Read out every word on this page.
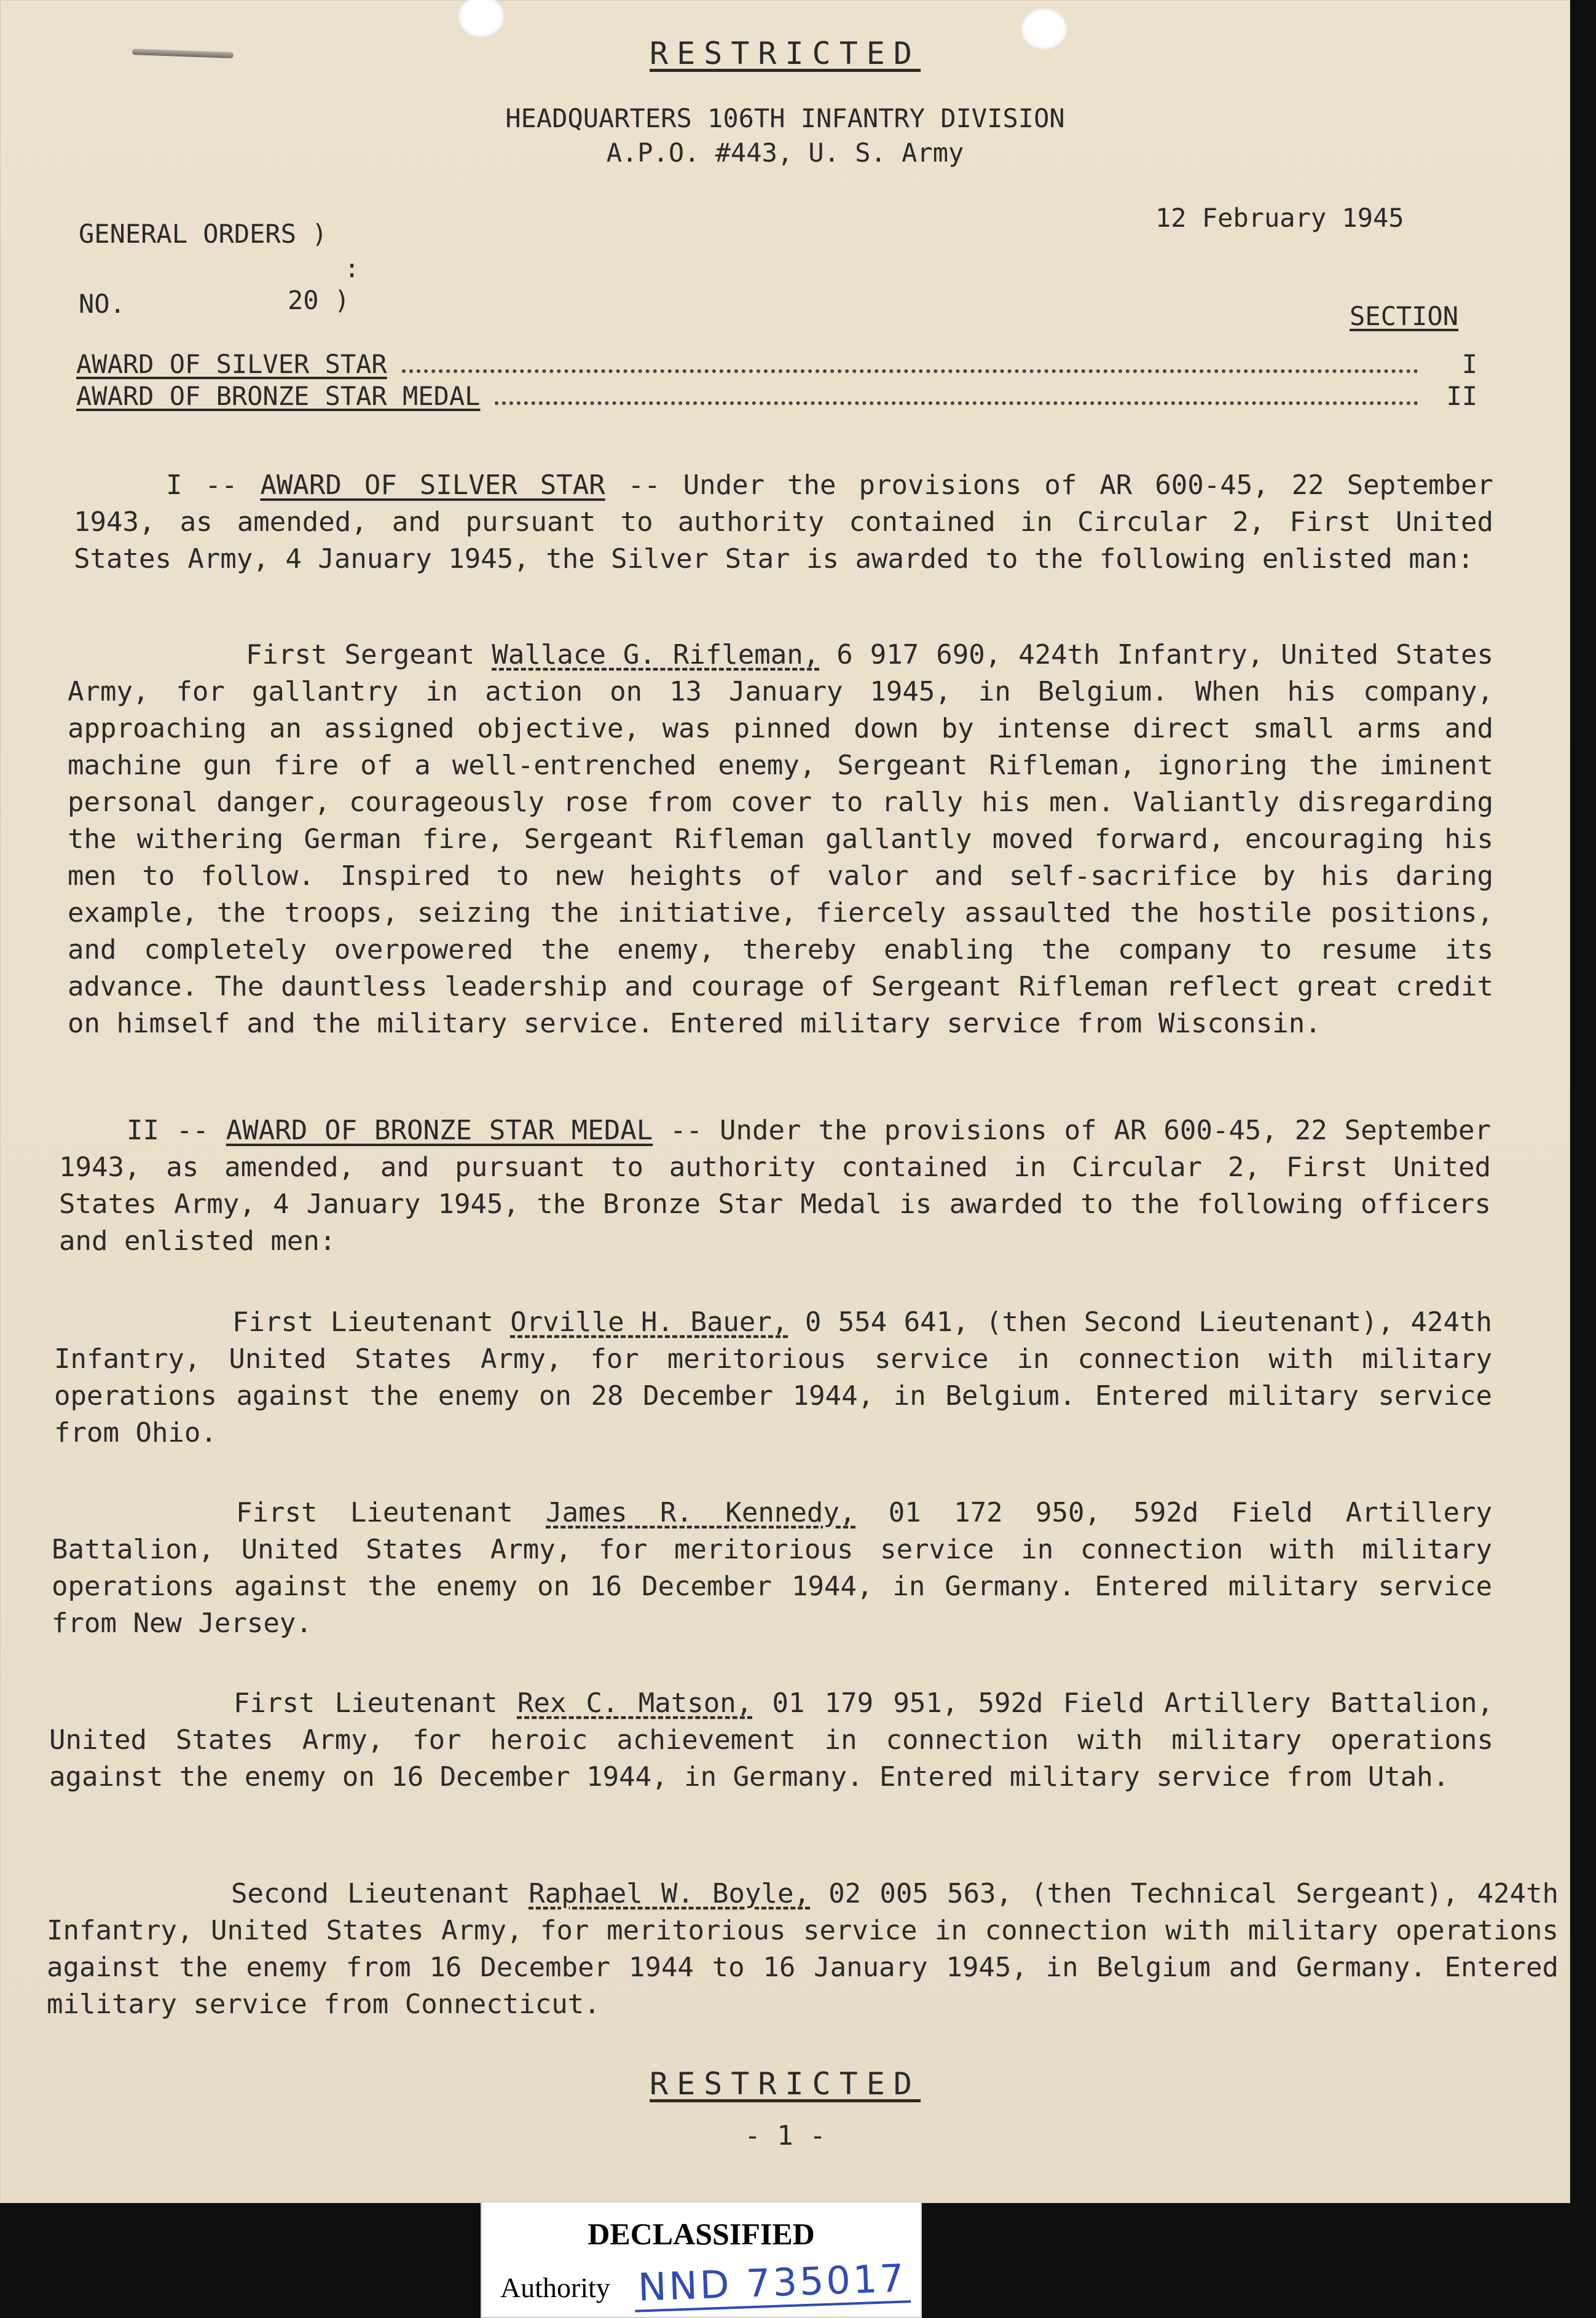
RESTRICTED
HEADQUARTERS 106TH INFANTRY DIVISION
A.P.O. #443, U. S. Army
GENERAL ORDERS )
:
NO.	20 )
12 February 1945
SECTION
AWARD OF SILVER STAR	I
AWARD OF BRONZE STAR MEDAL	II
I -- AWARD OF SILVER STAR -- Under the provisions of AR 600-45, 22 September 1943, as amended, and pursuant to authority contained in Circular 2, First United States Army, 4 January 1945, the Silver Star is awarded to the following enlisted man:
First Sergeant Wallace G. Rifleman, 6 917 690, 424th Infantry, United States Army, for gallantry in action on 13 January 1945, in Belgium. When his company, approaching an assigned objective, was pinned down by intense direct small arms and machine gun fire of a well-entrenched enemy, Sergeant Rifleman, ignoring the iminent personal danger, courageously rose from cover to rally his men. Valiantly disregarding the withering German fire, Sergeant Rifleman gallantly moved forward, encouraging his men to follow. Inspired to new heights of valor and self-sacrifice by his daring example, the troops, seizing the initiative, fiercely assaulted the hostile positions, and completely overpowered the enemy, thereby enabling the company to resume its advance. The dauntless leadership and courage of Sergeant Rifleman reflect great credit on himself and the military service. Entered military service from Wisconsin.
II -- AWARD OF BRONZE STAR MEDAL -- Under the provisions of AR 600-45, 22 September 1943, as amended, and pursuant to authority contained in Circular 2, First United States Army, 4 January 1945, the Bronze Star Medal is awarded to the following officers and enlisted men:
First Lieutenant Orville H. Bauer, 0 554 641, (then Second Lieutenant), 424th Infantry, United States Army, for meritorious service in connection with military operations against the enemy on 28 December 1944, in Belgium. Entered military service from Ohio.
First Lieutenant James R. Kennedy, 01 172 950, 592d Field Artillery Battalion, United States Army, for meritorious service in connection with military operations against the enemy on 16 December 1944, in Germany. Entered military service from New Jersey.
First Lieutenant Rex C. Matson, 01 179 951, 592d Field Artillery Battalion, United States Army, for heroic achievement in connection with military operations against the enemy on 16 December 1944, in Germany. Entered military service from Utah.
Second Lieutenant Raphael W. Boyle, 02 005 563, (then Technical Sergeant), 424th Infantry, United States Army, for meritorious service in connection with military operations against the enemy from 16 December 1944 to 16 January 1945, in Belgium and Germany. Entered military service from Connecticut.
RESTRICTED
- 1 -
DECLASSIFIED
Authority NND 735017
